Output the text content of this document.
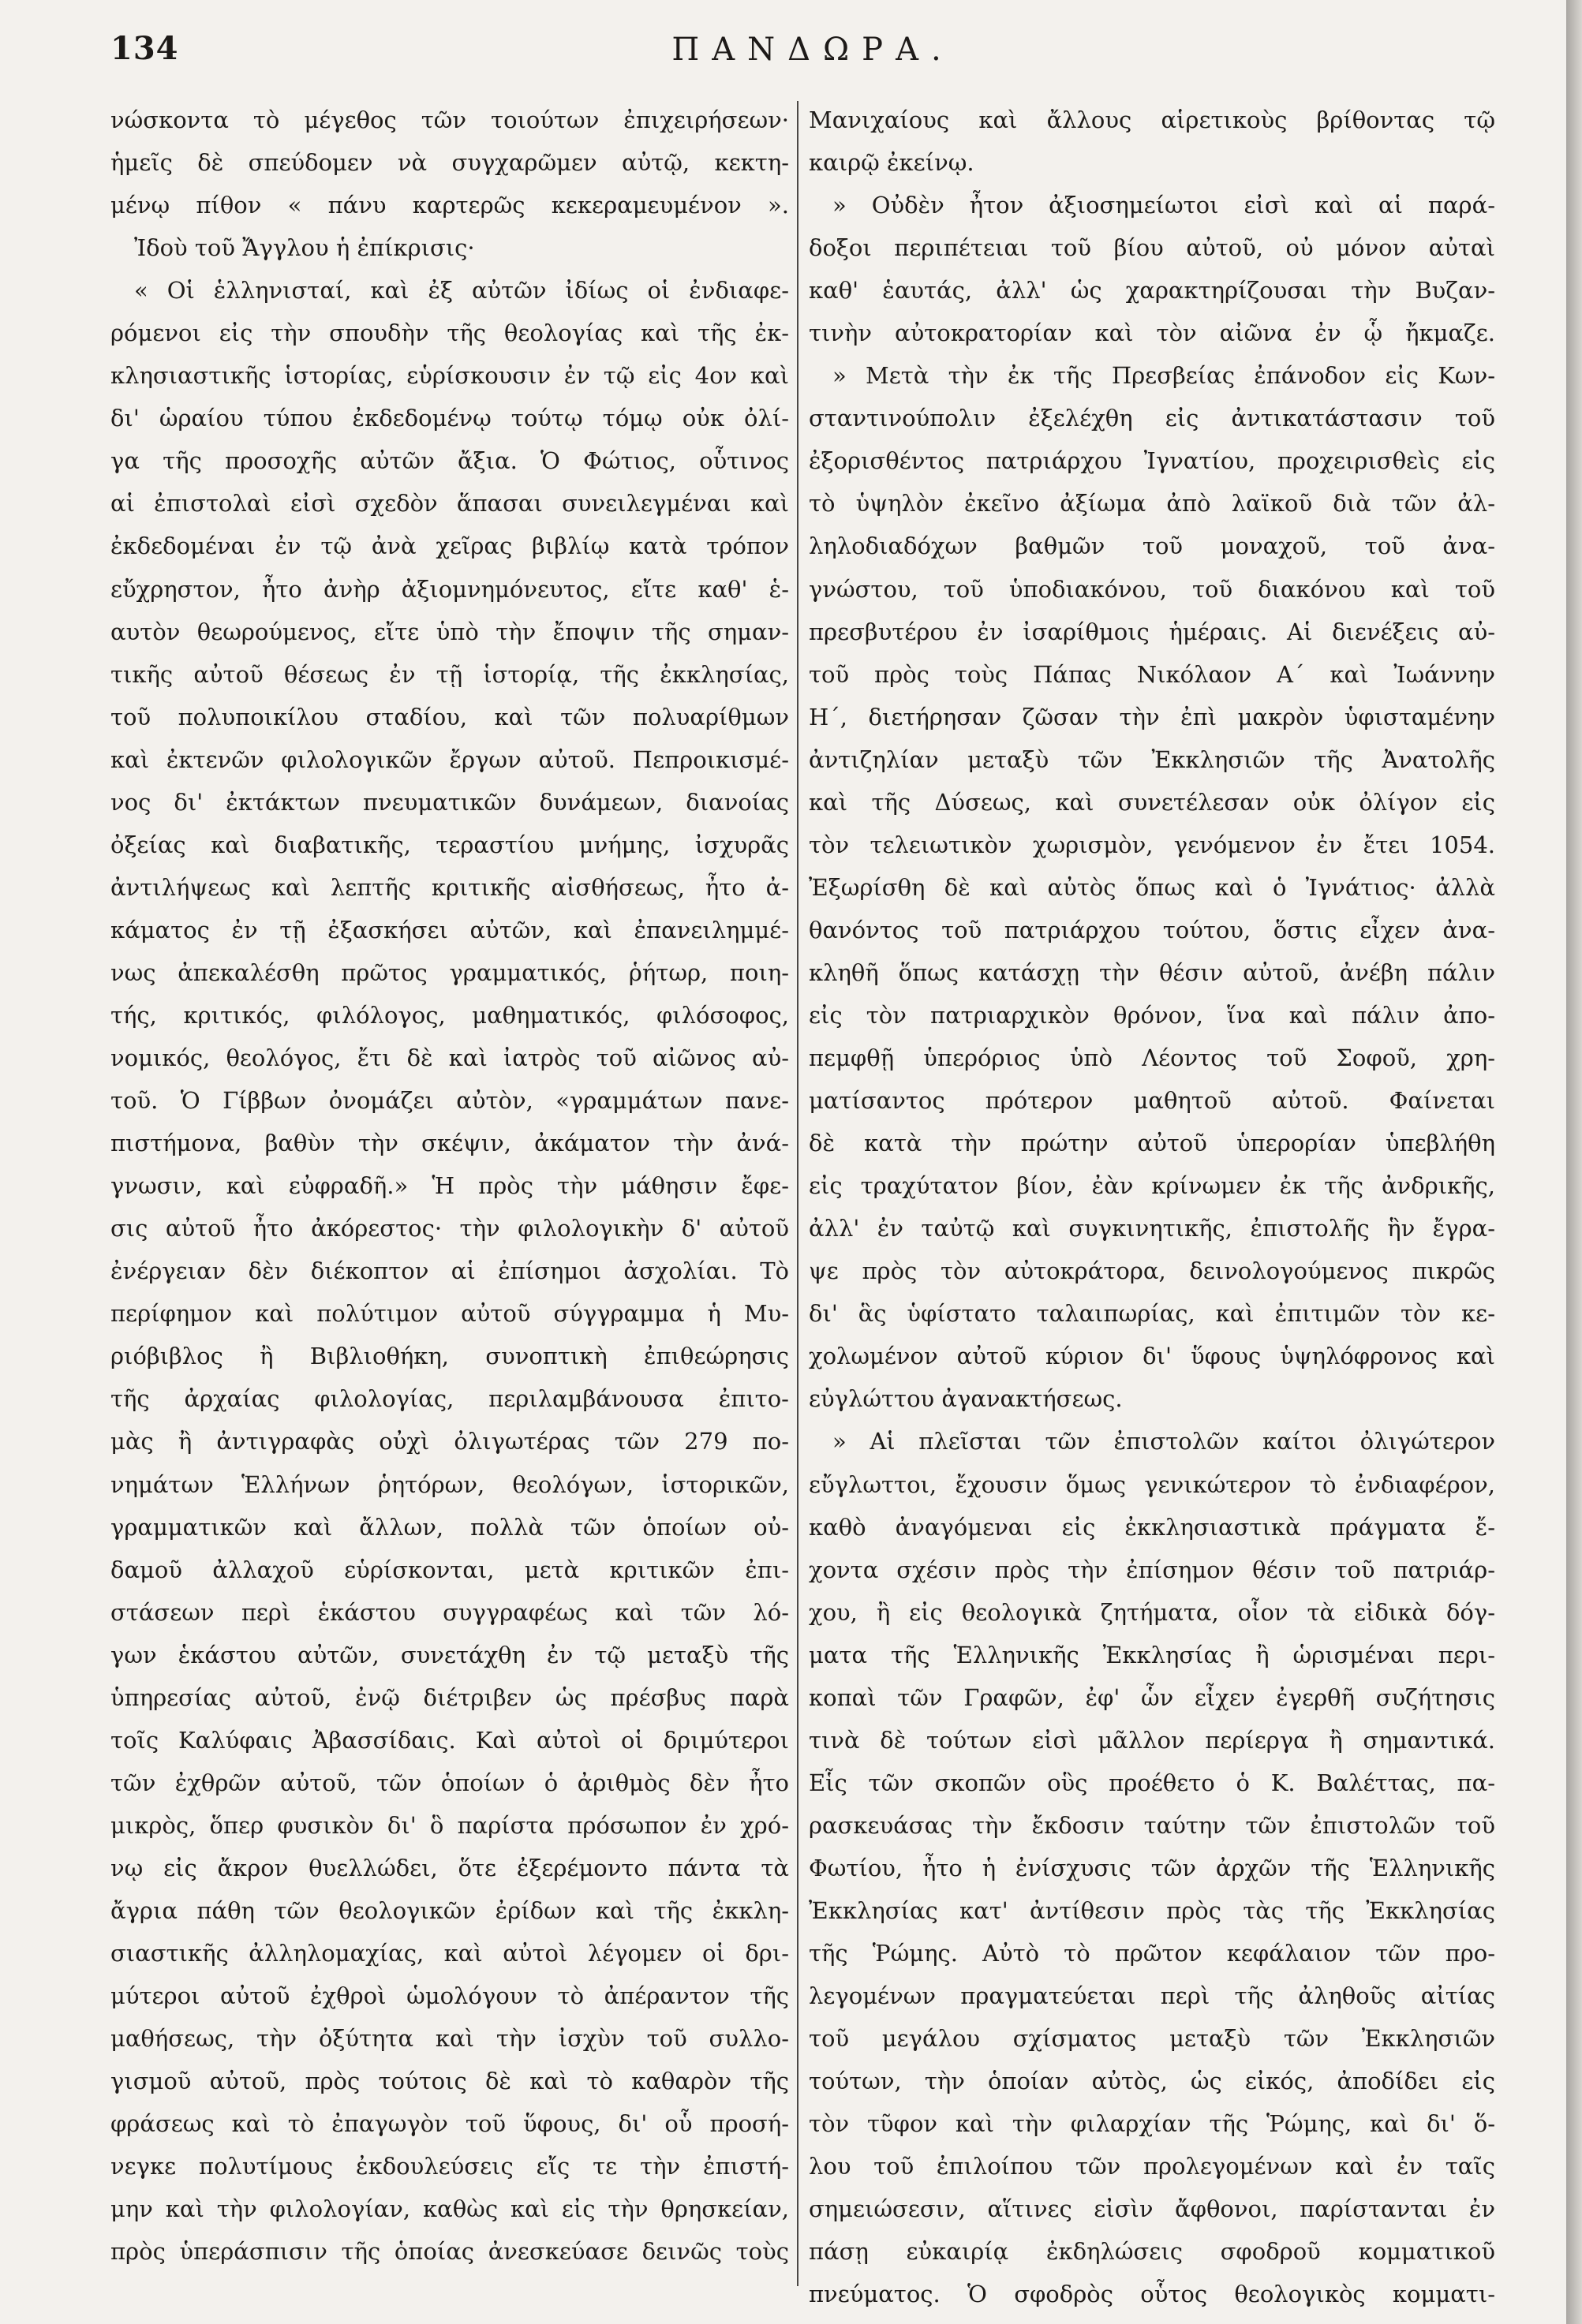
134	ΠΑΝΔΩΡΑ.
νώσκοντα τὸ μέγεθος τῶν τοιούτων ἐπιχειρήσεων·
ἡμεῖς δὲ σπεύδομεν νὰ συγχαρῶμεν αὐτῷ, κεκτη-
μένῳ πίθον « πάνυ καρτερῶς κεκεραμευμένον ».
Ἰδοὺ τοῦ Ἄγγλου ἡ ἐπίκρισις·
« Οἱ ἑλληνισταί, καὶ ἐξ αὐτῶν ἰδίως οἱ ἐνδιαφε-
ρόμενοι εἰς τὴν σπουδὴν τῆς θεολογίας καὶ τῆς ἐκ-
κλησιαστικῆς ἱστορίας, εὑρίσκουσιν ἐν τῷ εἰς 4ον καὶ
δι' ὡραίου τύπου ἐκδεδομένῳ τούτῳ τόμῳ οὐκ ὀλί-
γα τῆς προσοχῆς αὐτῶν ἄξια. Ὁ Φώτιος, οὗτινος
αἱ ἐπιστολαὶ εἰσὶ σχεδὸν ἅπασαι συνειλεγμέναι καὶ
ἐκδεδομέναι ἐν τῷ ἀνὰ χεῖρας βιβλίῳ κατὰ τρόπον
εὔχρηστον, ἦτο ἀνὴρ ἀξιομνημόνευτος, εἴτε καθ' ἑ-
αυτὸν θεωρούμενος, εἴτε ὑπὸ τὴν ἔποψιν τῆς σημαν-
τικῆς αὐτοῦ θέσεως ἐν τῇ ἱστορίᾳ, τῆς ἐκκλησίας,
τοῦ πολυποικίλου σταδίου, καὶ τῶν πολυαρίθμων
καὶ ἐκτενῶν φιλολογικῶν ἔργων αὐτοῦ. Πεπροικισμέ-
νος δι' ἐκτάκτων πνευματικῶν δυνάμεων, διανοίας
ὀξείας καὶ διαβατικῆς, τεραστίου μνήμης, ἰσχυρᾶς
ἀντιλήψεως καὶ λεπτῆς κριτικῆς αἰσθήσεως, ἦτο ἀ-
κάματος ἐν τῇ ἐξασκήσει αὐτῶν, καὶ ἐπανειλημμέ-
νως ἀπεκαλέσθη πρῶτος γραμματικός, ῥήτωρ, ποιη-
τής, κριτικός, φιλόλογος, μαθηματικός, φιλόσοφος,
νομικός, θεολόγος, ἔτι δὲ καὶ ἰατρὸς τοῦ αἰῶνος αὐ-
τοῦ. Ὁ Γίββων ὀνομάζει αὐτὸν, «γραμμάτων πανε-
πιστήμονα, βαθὺν τὴν σκέψιν, ἀκάματον τὴν ἀνά-
γνωσιν, καὶ εὐφραδῆ.» Ἡ πρὸς τὴν μάθησιν ἔφε-
σις αὐτοῦ ἦτο ἀκόρεστος· τὴν φιλολογικὴν δ' αὐτοῦ
ἐνέργειαν δὲν διέκοπτον αἱ ἐπίσημοι ἀσχολίαι. Τὸ
περίφημον καὶ πολύτιμον αὐτοῦ σύγγραμμα ἡ Μυ-
ριόβιβλος ἢ Βιβλιοθήκη, συνοπτικὴ ἐπιθεώρησις
τῆς ἀρχαίας φιλολογίας, περιλαμβάνουσα ἐπιτο-
μὰς ἢ ἀντιγραφὰς οὐχὶ ὀλιγωτέρας τῶν 279 πο-
νημάτων Ἑλλήνων ῥητόρων, θεολόγων, ἱστορικῶν,
γραμματικῶν καὶ ἄλλων, πολλὰ τῶν ὁποίων οὐ-
δαμοῦ ἀλλαχοῦ εὑρίσκονται, μετὰ κριτικῶν ἐπι-
στάσεων περὶ ἑκάστου συγγραφέως καὶ τῶν λό-
γων ἑκάστου αὐτῶν, συνετάχθη ἐν τῷ μεταξὺ τῆς
ὑπηρεσίας αὐτοῦ, ἐνῷ διέτριβεν ὡς πρέσβυς παρὰ
τοῖς Καλύφαις Ἀβασσίδαις. Καὶ αὐτοὶ οἱ δριμύτεροι
τῶν ἐχθρῶν αὐτοῦ, τῶν ὁποίων ὁ ἀριθμὸς δὲν ἦτο
μικρὸς, ὅπερ φυσικὸν δι' ὃ παρίστα πρόσωπον ἐν χρό-
νῳ εἰς ἄκρον θυελλώδει, ὅτε ἐξερέμοντο πάντα τὰ
ἄγρια πάθη τῶν θεολογικῶν ἐρίδων καὶ τῆς ἐκκλη-
σιαστικῆς ἀλληλομαχίας, καὶ αὐτοὶ λέγομεν οἱ δρι-
μύτεροι αὐτοῦ ἐχθροὶ ὡμολόγουν τὸ ἀπέραντον τῆς
μαθήσεως, τὴν ὀξύτητα καὶ τὴν ἰσχὺν τοῦ συλλο-
γισμοῦ αὐτοῦ, πρὸς τούτοις δὲ καὶ τὸ καθαρὸν τῆς
φράσεως καὶ τὸ ἐπαγωγὸν τοῦ ὕφους, δι' οὗ προσή-
νεγκε πολυτίμους ἐκδουλεύσεις εἴς τε τὴν ἐπιστή-
μην καὶ τὴν φιλολογίαν, καθὼς καὶ εἰς τὴν θρησκείαν,
πρὸς ὑπεράσπισιν τῆς ὁποίας ἀνεσκεύασε δεινῶς τοὺς
Μανιχαίους καὶ ἄλλους αἱρετικοὺς βρίθοντας τῷ
καιρῷ ἐκείνῳ.
» Οὐδὲν ἦτον ἀξιοσημείωτοι εἰσὶ καὶ αἱ παρά-
δοξοι περιπέτειαι τοῦ βίου αὐτοῦ, οὐ μόνον αὐταὶ
καθ' ἑαυτάς, ἀλλ' ὡς χαρακτηρίζουσαι τὴν Βυζαν-
τινὴν αὐτοκρατορίαν καὶ τὸν αἰῶνα ἐν ᾧ ἤκμαζε.
» Μετὰ τὴν ἐκ τῆς Πρεσβείας ἐπάνοδον εἰς Κων-
σταντινούπολιν ἐξελέχθη εἰς ἀντικατάστασιν τοῦ
ἐξορισθέντος πατριάρχου Ἰγνατίου, προχειρισθεὶς εἰς
τὸ ὑψηλὸν ἐκεῖνο ἀξίωμα ἀπὸ λαϊκοῦ διὰ τῶν ἀλ-
ληλοδιαδόχων βαθμῶν τοῦ μοναχοῦ, τοῦ ἀνα-
γνώστου, τοῦ ὑποδιακόνου, τοῦ διακόνου καὶ τοῦ
πρεσβυτέρου ἐν ἰσαρίθμοις ἡμέραις. Αἱ διενέξεις αὐ-
τοῦ πρὸς τοὺς Πάπας Νικόλαον Α΄ καὶ Ἰωάννην
Η΄, διετήρησαν ζῶσαν τὴν ἐπὶ μακρὸν ὑφισταμένην
ἀντιζηλίαν μεταξὺ τῶν Ἐκκλησιῶν τῆς Ἀνατολῆς
καὶ τῆς Δύσεως, καὶ συνετέλεσαν οὐκ ὀλίγον εἰς
τὸν τελειωτικὸν χωρισμὸν, γενόμενον ἐν ἔτει 1054.
Ἐξωρίσθη δὲ καὶ αὐτὸς ὅπως καὶ ὁ Ἰγνάτιος· ἀλλὰ
θανόντος τοῦ πατριάρχου τούτου, ὅστις εἶχεν ἀνα-
κληθῆ ὅπως κατάσχῃ τὴν θέσιν αὐτοῦ, ἀνέβη πάλιν
εἰς τὸν πατριαρχικὸν θρόνον, ἵνα καὶ πάλιν ἀπο-
πεμφθῇ ὑπερόριος ὑπὸ Λέοντος τοῦ Σοφοῦ, χρη-
ματίσαντος πρότερον μαθητοῦ αὐτοῦ. Φαίνεται
δὲ κατὰ τὴν πρώτην αὐτοῦ ὑπερορίαν ὑπεβλήθη
εἰς τραχύτατον βίον, ἐὰν κρίνωμεν ἐκ τῆς ἀνδρικῆς,
ἀλλ' ἐν ταὐτῷ καὶ συγκινητικῆς, ἐπιστολῆς ἣν ἔγρα-
ψε πρὸς τὸν αὐτοκράτορα, δεινολογούμενος πικρῶς
δι' ἃς ὑφίστατο ταλαιπωρίας, καὶ ἐπιτιμῶν τὸν κε-
χολωμένον αὐτοῦ κύριον δι' ὕφους ὑψηλόφρονος καὶ
εὐγλώττου ἀγανακτήσεως.
» Αἱ πλεῖσται τῶν ἐπιστολῶν καίτοι ὀλιγώτερον
εὔγλωττοι, ἔχουσιν ὅμως γενικώτερον τὸ ἐνδιαφέρον,
καθὸ ἀναγόμεναι εἰς ἐκκλησιαστικὰ πράγματα ἔ-
χοντα σχέσιν πρὸς τὴν ἐπίσημον θέσιν τοῦ πατριάρ-
χου, ἢ εἰς θεολογικὰ ζητήματα, οἷον τὰ εἰδικὰ δόγ-
ματα τῆς Ἑλληνικῆς Ἐκκλησίας ἢ ὡρισμέναι περι-
κοπαὶ τῶν Γραφῶν, ἐφ' ὧν εἶχεν ἐγερθῆ συζήτησις
τινὰ δὲ τούτων εἰσὶ μᾶλλον περίεργα ἢ σημαντικά.
Εἷς τῶν σκοπῶν οὓς προέθετο ὁ Κ. Βαλέττας, πα-
ρασκευάσας τὴν ἔκδοσιν ταύτην τῶν ἐπιστολῶν τοῦ
Φωτίου, ἦτο ἡ ἐνίσχυσις τῶν ἀρχῶν τῆς Ἑλληνικῆς
Ἐκκλησίας κατ' ἀντίθεσιν πρὸς τὰς τῆς Ἐκκλησίας
τῆς Ῥώμης. Αὐτὸ τὸ πρῶτον κεφάλαιον τῶν προ-
λεγομένων πραγματεύεται περὶ τῆς ἀληθοῦς αἰτίας
τοῦ μεγάλου σχίσματος μεταξὺ τῶν Ἐκκλησιῶν
τούτων, τὴν ὁποίαν αὐτὸς, ὡς εἰκός, ἀποδίδει εἰς
τὸν τῦφον καὶ τὴν φιλαρχίαν τῆς Ῥώμης, καὶ δι' ὅ-
λου τοῦ ἐπιλοίπου τῶν προλεγομένων καὶ ἐν ταῖς
σημειώσεσιν, αἵτινες εἰσὶν ἄφθονοι, παρίστανται ἐν
πάσῃ εὐκαιρίᾳ ἐκδηλώσεις σφοδροῦ κομματικοῦ
πνεύματος. Ὁ σφοδρὸς οὗτος θεολογικὸς κομματι-
